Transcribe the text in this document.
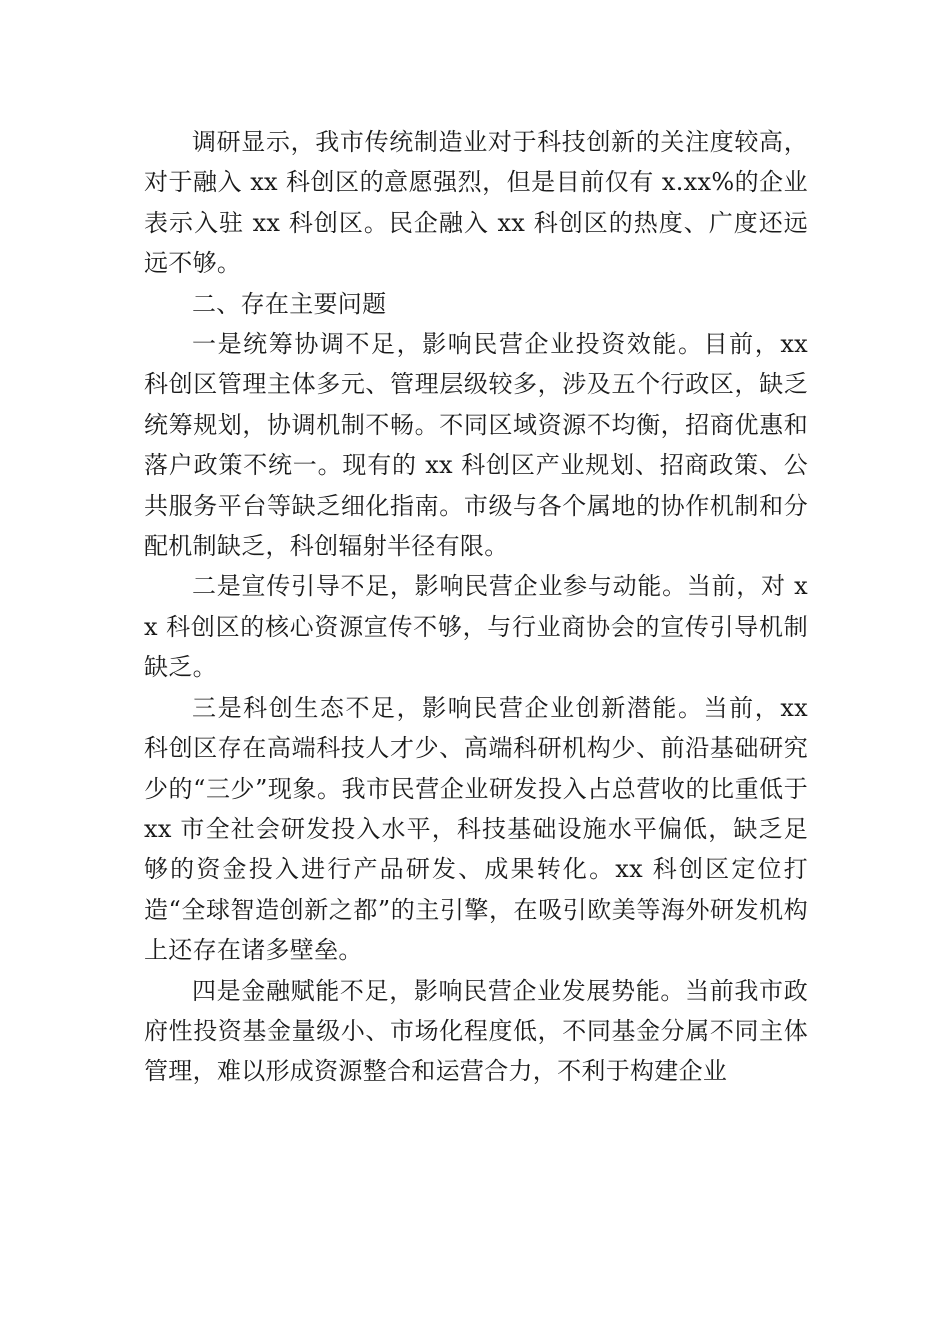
调研显示，我市传统制造业对于科技创新的关注度较高，对于融入 xx 科创区的意愿强烈，但是目前仅有 x.xx%的企业表示入驻 xx 科创区。民企融入 xx 科创区的热度、广度还远远不够。

二、存在主要问题

一是统筹协调不足，影响民营企业投资效能。目前，xx 科创区管理主体多元、管理层级较多，涉及五个行政区，缺乏统筹规划，协调机制不畅。不同区域资源不均衡，招商优惠和落户政策不统一。现有的 xx 科创区产业规划、招商政策、公共服务平台等缺乏细化指南。市级与各个属地的协作机制和分配机制缺乏，科创辐射半径有限。

二是宣传引导不足，影响民营企业参与动能。当前，对 xx 科创区的核心资源宣传不够，与行业商协会的宣传引导机制缺乏。

三是科创生态不足，影响民营企业创新潜能。当前，xx 科创区存在高端科技人才少、高端科研机构少、前沿基础研究少的“三少”现象。我市民营企业研发投入占总营收的比重低于 xx 市全社会研发投入水平，科技基础设施水平偏低，缺乏足够的资金投入进行产品研发、成果转化。xx 科创区定位打造“全球智造创新之都”的主引擎，在吸引欧美等海外研发机构上还存在诸多壁垒。

四是金融赋能不足，影响民营企业发展势能。当前我市政府性投资基金量级小、市场化程度低，不同基金分属不同主体管理，难以形成资源整合和运营合力，不利于构建企业
